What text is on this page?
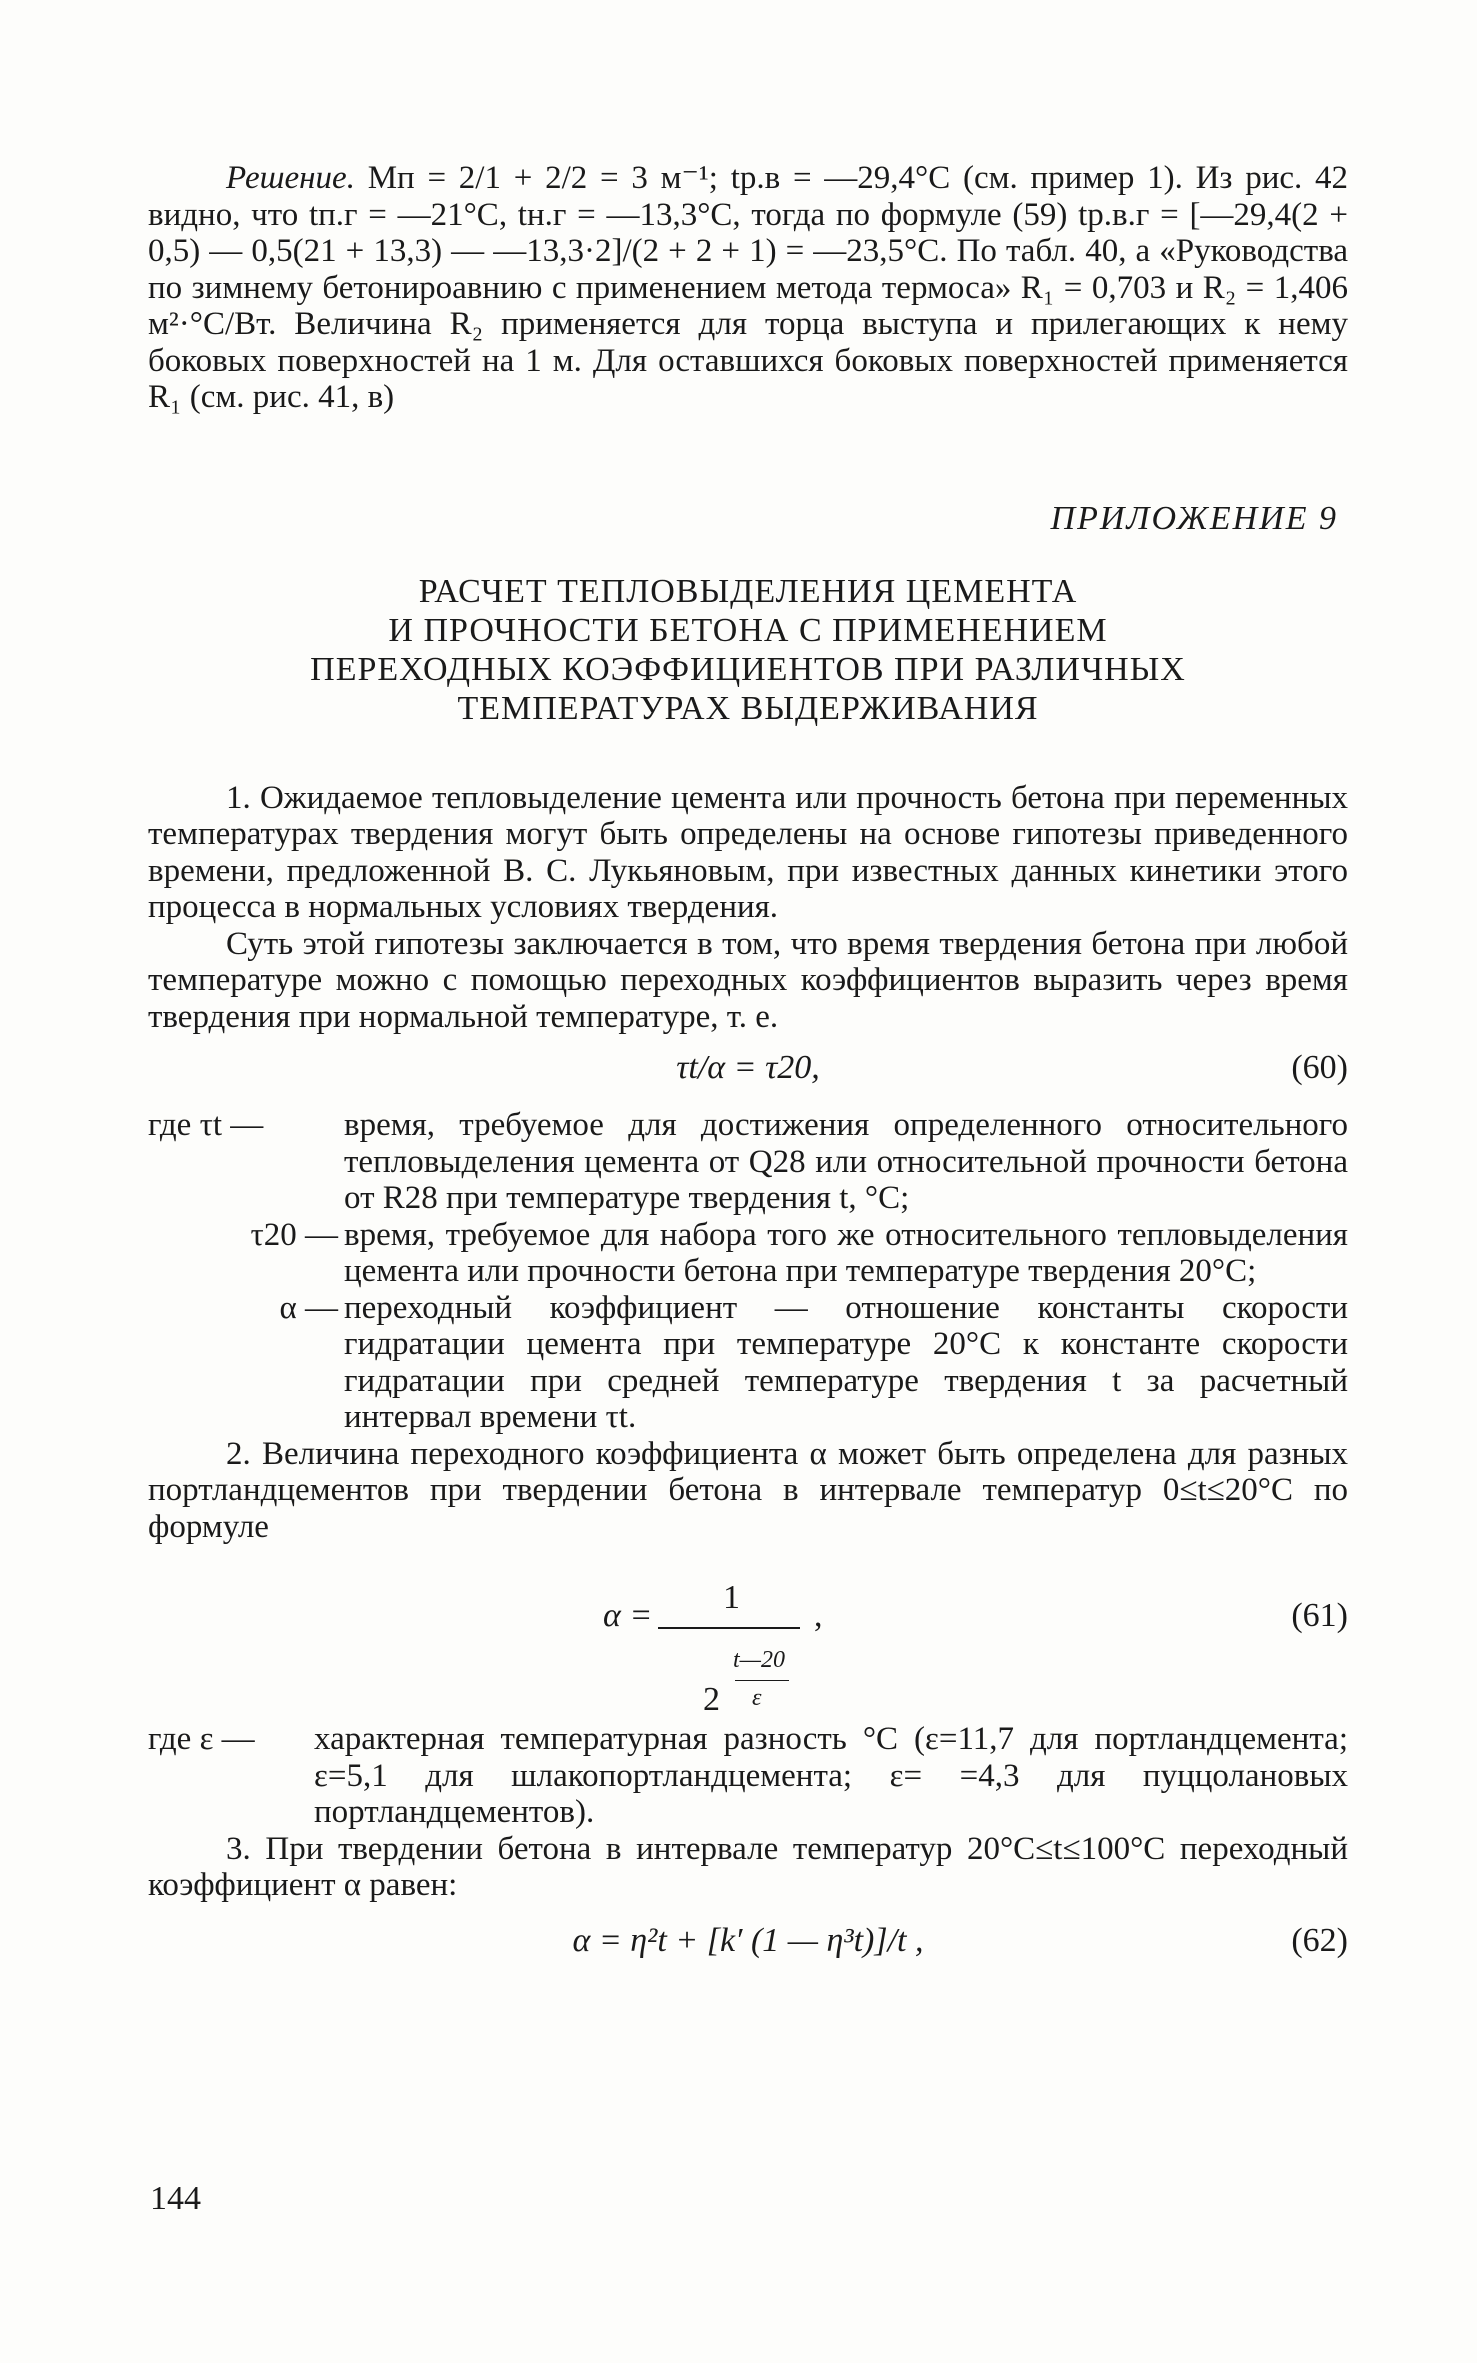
Решение. Mп = 2/1 + 2/2 = 3 м⁻¹; tр.в = —29,4°С (см. пример 1). Из рис. 42 видно, что tп.г = —21°С, tн.г = —13,3°С, тогда по формуле (59) tр.в.г = [—29,4(2 + 0,5) — 0,5(21 + 13,3) — —13,3·2]/(2 + 2 + 1) = —23,5°С. По табл. 40, а «Руководства по зимнему бетонироавнию с применением метода термоса» R₁ = 0,703 и R₂ = 1,406 м²·°С/Вт. Величина R₂ применяется для торца выступа и прилегающих к нему боковых поверхностей на 1 м. Для оставшихся боковых поверхностей применяется R₁ (см. рис. 41, в)

ПРИЛОЖЕНИЕ 9
РАСЧЕТ ТЕПЛОВЫДЕЛЕНИЯ ЦЕМЕНТА
И ПРОЧНОСТИ БЕТОНА С ПРИМЕНЕНИЕМ
ПЕРЕХОДНЫХ КОЭФФИЦИЕНТОВ ПРИ РАЗЛИЧНЫХ
ТЕМПЕРАТУРАХ ВЫДЕРЖИВАНИЯ

1. Ожидаемое тепловыделение цемента или прочность бетона при переменных температурах твердения могут быть определены на основе гипотезы приведенного времени, предложенной В. С. Лукьяновым, при известных данных кинетики этого процесса в нормальных условиях твердения.

Суть этой гипотезы заключается в том, что время твердения бетона при любой температуре можно с помощью переходных коэффициентов выразить через время твердения при нормальной температуре, т. е.

τt/α = τ20,	(60)
где τt —	время, требуемое для достижения определенного относительного тепловыделения цемента от Q28 или относительной прочности бетона от R28 при температуре твердения t, °С;
τ20 — время, требуемое для набора того же относительного тепловыделения цемента или прочности бетона при температуре твердения 20°С;
α — переходный коэффициент — отношение константы скорости гидратации цемента при температуре 20°С к константе скорости гидратации при средней температуре твердения t за расчетный интервал времени τt.

2. Величина переходного коэффициента α может быть определена для разных портландцементов при твердении бетона в интервале температур 0≤t≤20°С по формуле

α = 1
t—20
2 ε
,	(61)
где ε —	характерная температурная разность °С (ε=11,7 для портландцемента; ε=5,1 для шлакопортландцемента; ε= =4,3 для пуццолановых портландцементов).

3. При твердении бетона в интервале температур 20°С≤t≤100°С переходный коэффициент α равен:

α = η²t + [k′ (1 — η³t)]/t ,	(62)
144
